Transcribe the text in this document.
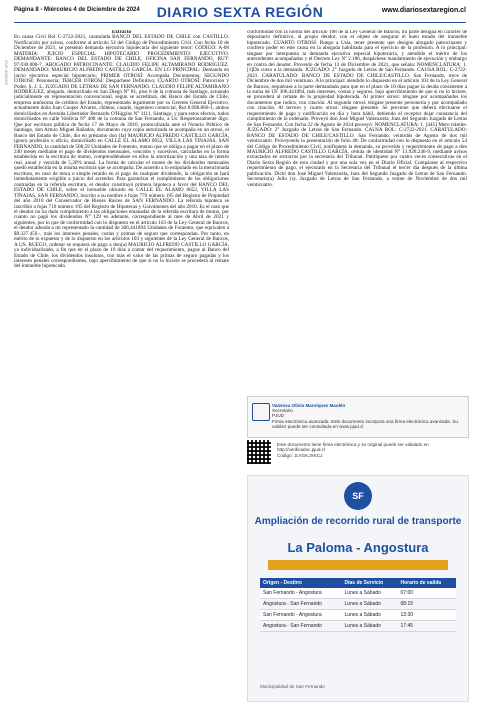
Página 8 - Miércoles 4 de Diciembre de 2024	DIARIO SEXTA REGIÓN	www.diariosextaregion.cl
CVE 0000000

Extracto

En causa Civil Rol C-2722-2021, caratulada BANCO DEL ESTADO DE CHILE con CASTILLO. Notificación por avisos, conforme al artículo 54 del Código de Procedimiento Civil. Con fecha 10 de Diciembre de 2021, se presentó demanda ejecutiva hipotecaria del siguiente tenor: CODIGO: A-08 MATERIA: JUICIO ESPECIAL HIPOTECARIO PROCEDIMIENTO: EJECUTIVO. DEMANDANTE: BANCO DEL ESTADO DE CHILE, OFICINA SAN FERNANDO, RUT: 97.030.000-7. ABOGADO PATROCINANTE: CLAUDIO FELIPE ALTAMIRANO RODRÍGUEZ. DEMANDADO: MAURICIO ALFREDO CASTILLO GARCÍA. EN LO PRINCIPAL: Demanda en juicio ejecutivo especial hipotecario; PRIMER OTROSÍ: Acompaña Documentos; SEGUNDO OTROSÍ: Personería; TERCER OTROSÍ: Despáchese Definitivo; CUARTO OTROSÍ: Patrocinio y Poder. S. J. L. JUZGADO DE LETRAS DE SAN FERNANDO. CLAUDIO FELIPE ALTAMIRANO RODRÍGUEZ, abogado, domiciliado en San Diego N° 81, piso 6 de la comuna de Santiago, actuando judicialmente en representación convencional, según se acreditará, del Banco del Estado de Chile, empresa autónoma de créditos del Estado, representado legalmente por su Gerente General Ejecutivo, actualmente doña Juan Cooper Álvarez, chileno, casado, ingeniero comercial, Rut 8.098.866-1, ambos domiciliados en Avenida Libertador Bernardo O'Higgins N° 1111, Santiago, y para estos efectos, todos domiciliados en calle Valdivia N° 408 de la comuna de San Fernando, a Us. Respetuosamente digo: Que por escritura pública de fecha 17 de Mayo de 2010, protocolizada ante el Notario Público de Santiago, don Arturo Miguel Bañados, documento cuya copia autorizada se acompaña en un otrosí, el Banco del Estado de Chile, dio en préstamo don (fa) MAURICIO ALFREDO CASTILLO GARCÍA, ignoro profesión u oficio, domiciliado en CALLE EL ALAMO 0652, VILLA LAS TINAJAS, SAN FERNANDO, la cantidad de 508,59 Unidades de Fomento, mutuo que se obliga a pagar en el plazo de 240 meses mediante el pago de dividendos mensuales, vencidos y sucesivos, calculados en la forma establecida en la escritura de mutuo, comprendiéndose en ellos la amortización y una tasa de interés real, anual y vencida de 5,20% anual. La forma de calcular el monto de los dividendos mensuales quedó establecida en la misma escritura que se acompaña. De acuerdo a lo estipulado en la mencionada escritura, en caso de mora o simple retardo en el pago de cualquier dividendo, la obligación se hará inmediatamente exigible a juicio del acreedor. Para garantizar el cumplimiento de las obligaciones contraídas en la referida escritura, el deudor constituyó primera hipoteca a favor del BANCO DEL ESTADO DE CHILE, sobre el inmueble ubicado en CALLE EL ALAMO 0652, VILLA LAS TINAJAS, SAN FERNANDO, inscrito a su nombre a fojas 770 número 195 del Registro de Propiedad del año 2010 del Conservador de Bienes Raíces de SAN FERNANDO. La referida hipoteca se inscribió a fojas 710 número 195 del Registro de Hipotecas y Gravámenes del año 2010. Es el caso que el deudor no ha dado cumplimiento a las obligaciones emanadas de la referida escritura de mutuo, por cuanto no pagó los dividendos N° 129 en adelante, correspondiente al mes de Abril de 2021 y siguientes, por lo que de conformidad con lo dispuesto en el artículo 103 de la Ley General de Bancos, el deudor adeuda a mi representado la cantidad de 306,441894 Unidades de Fomento, que equivalen a $9.327.459.-, más los intereses penales, costas y primas de seguro que correspondan. Por tanto, en mérito de lo expuesto y de lo dispuesto en los artículos 103 y siguientes de la Ley General de Bancos, A US. RUEGO, ordenar se requiera de pago a don(a) MAURICIO ALFREDO CASTILLO GARCÍA, ya individualizado, a fin que en el plazo de 10 días a contar del requerimiento, pague al Banco del Estado de Chile, los dividendos insolutos, con más el valor de las primas de seguro pagadas y los intereses penales correspondientes, bajo apercibimiento de que si no lo hiciere se procederá al remate del inmueble hipotecado.

conformidad con la norma del artículo 108 de la Ley General de Bancos; mi parte designa en carácter de depositario definitivo, al propio deudor, con el objeto de asegurar el buen estado del inmueble hipotecado. CUARTO OTROSÍ: Ruego a Usía, tener presente que designo abogado patrocinante y confiero poder en este causa en la abogada habilitada para el ejercicio de la profesión. A lo principal: téngase por interpuesta la demanda ejecutiva especial hipotecaria, y atendido el mérito de los antecedentes acompañados y el Decreto Ley Nº 2.186, despáchese mandamiento de ejecución y embargo en contra del deudor. Proveído de fecha 13 de Diciembre de 2021, que señala: NOMENCLATURA: 1. [1]Da curso a la demanda. JUZGADO: 2° Juzgado de Letras de San Fernando. CAUSA ROL: C-2722-2021. CARATULADO: BANCO DE ESTADO DE CHILE/CASTILLO. San Fernando, trece de Diciembre de dos mil veintiuno. A lo principal: atendido lo dispuesto en el artículo 103 de la Ley General de Bancos, requiérase a la parte demandada para que en el plazo de 10 días pague la deuda consistente a la suma de UF 306,441894, más intereses, costas y seguros, bajo apercibimiento de que si no lo hiciere, se procederá al remate de la propiedad hipotecada. Al primer otrosí: téngase por acompañados los documentos que indica, con citación. Al segundo otrosí: téngase presente personería y por acompañado con citación. Al tercero y cuarto otrosí: téngase presente. Se previene que deberá efectuarse el requerimiento de pago y notificación en día y hora hábil, debiendo el receptor dejar constancia del cumplimiento de lo ordenado. Proveyó don José Miguel Valenzuela, Juez del Segundo Juzgado de Letras de San Fernando. Con fecha 22 de Agosto de 2024 proveyó: NOMENCLATURA: 1. [445] Mero trámite. JUZGADO: 2° Juzgado de Letras de San Fernando. CAUSA ROL: C-2722-2021. CARATULADO: BANCO DE ESTADO DE CHILE/CASTILLO. San Fernando, veintidós de Agosto de dos mil veinticuatro. Proveyendo la presentación de folio 48: De conformidad con lo dispuesto en el artículo 54 del Código de Procedimiento Civil, notifíquese la demanda, su proveído y requerimiento de pago a don MAURICIO ALFREDO CASTILLO GARCÍA, cédula de identidad N° 13.928.246-9, mediante avisos extractados en extractos por la secretaria del Tribunal. Publíquese por cuatro veces consecutivas en el Diario Sexta Región de esta ciudad y por una sola vez en el Diario Oficial. Compárase al respectivo requerimiento de pago, el ejecutado en la Secretaría del Tribunal el tercer día después de la última publicación. Dictó don José Miguel Valenzuela, Juez del Segundo Juzgado de Letras de San Fernando. Secretario(a) Julio (s). Juzgado de Letras de San Fernando, a veinte de Noviembre de dos mil veinticuatro.

Vanessa Olivia Manriquez Maulén
Secretario
PJUD
Firma electrónica avanzada. Este documento incorpora una firma electrónica avanzada. Su validez puede ser consultada en www.pjud.cl
Este documento tiene firma electrónica y su original puede ser validado en http://verificadoc.pjud.cl
Código: JLYGKJXKCJ
SF
Ampliación de recorrido rural de transporte
La Paloma - Angostura
Origen - Destino	Días de Servicio	Horario de salida
San Fernando - Angostura	Lunes a Sábado	07:00
Angostura - San Fernando	Lunes a Sábado	08:15
San Fernando - Angostura	Lunes a Sábado	13:30
Angostura - San Fernando	Lunes a Sábado	17:45
Municipalidad de San Fernando
